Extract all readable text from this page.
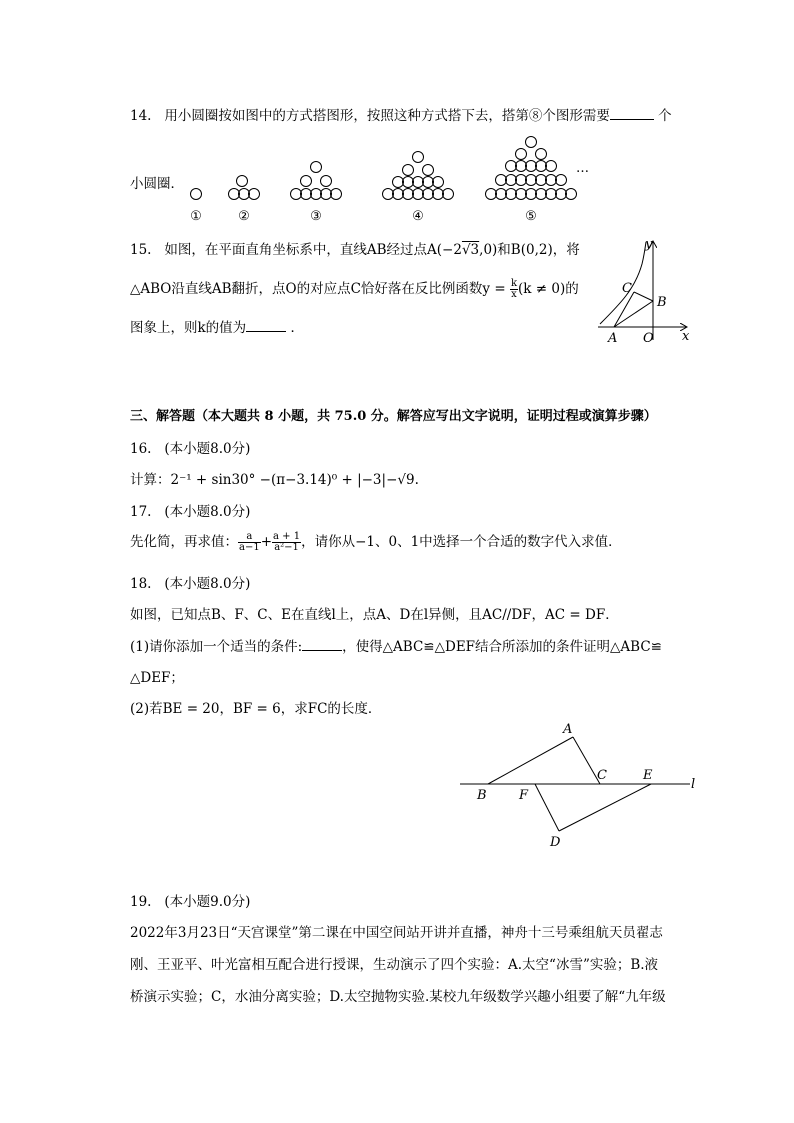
14. 用小圆圈按如图中的方式搭图形，按照这种方式搭下去，搭第⑧个图形需要	个
小圆圈．
①	②	③	④	⑤
…
15. 如图，在平面直角坐标系中，直线AB经过点A(−2√3,0)和B(0,2)，将
△ABO沿直线AB翻折，点O的对应点C恰好落在反比例函数$y = \frac{k}{x} (k \ne 0)$的
图象上，则k的值为	．
y
x
C
B
A O
三、解答题（本大题共 8 小题，共 75.0 分。解答应写出文字说明，证明过程或演算步骤）
16. (本小题8.0分)
计算：2⁻¹ + sin30° −(π−3.14)⁰ + |−3|−√9.
17. (本小题8.0分)
先化简，再求值： $\frac{a}{a-1} + \frac{a + 1}{\text{a²−1}}$ ，请你从−1、0、1中选择一个合适的数字代入求值．
18. (本小题8.0分)
如图，已知点B、F、C、E在直线l上，点A、D在l异侧，且AC//DF，AC = DF．
(1)请你添加一个适当的条件:	，使得△ABC≌△DEF结合所添加的条件证明△ABC≌
△DEF；
(2)若BE = 20，BF = 6，求FC的长度．
A
B
C
D
E
F
l
19. (本小题9.0分)
2022年3月23日“天宫课堂”第二课在中国空间站开讲并直播，神舟十三号乘组航天员翟志
刚、王亚平、叶光富相互配合进行授课，生动演示了四个实验：A.太空“冰雪”实验；B.液
桥演示实验；C，水油分离实验；D.太空抛物实验.某校九年级数学兴趣小组要了解“九年级
